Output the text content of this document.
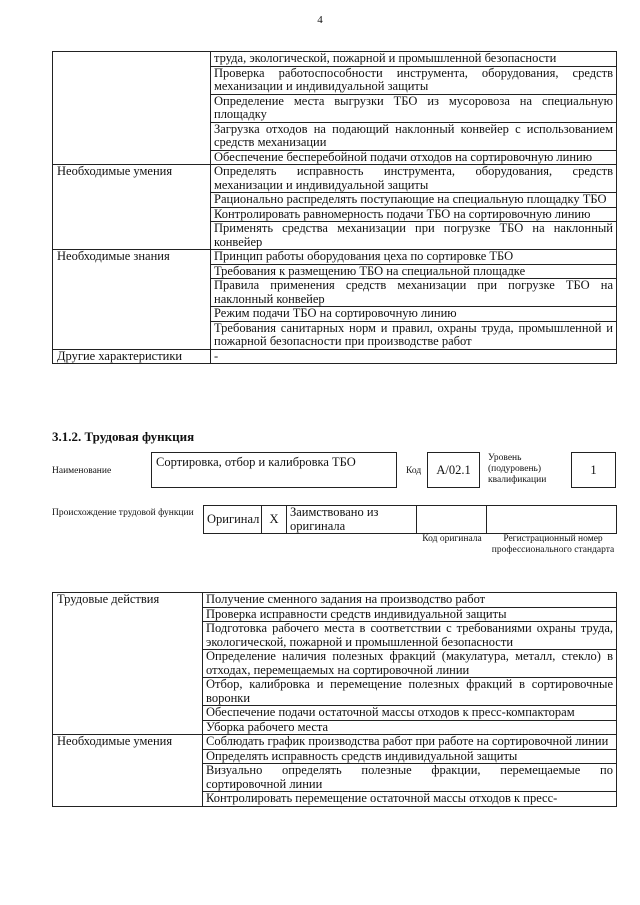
4
	труда, экологической, пожарной и промышленной безопасности
	Проверка работоспособности инструмента, оборудования, средств механизации и индивидуальной защиты
	Определение места выгрузки ТБО из мусоровоза на специальную площадку
	Загрузка отходов на подающий наклонный конвейер с использованием средств механизации
	Обеспечение бесперебойной подачи отходов на сортировочную линию
Необходимые умения	Определять исправность инструмента, оборудования, средств механизации и индивидуальной защиты
	Рационально распределять поступающие на специальную площадку ТБО
	Контролировать равномерность подачи ТБО на сортировочную линию
	Применять средства механизации при погрузке ТБО на наклонный конвейер
Необходимые знания	Принцип работы оборудования цеха по сортировке ТБО
	Требования к размещению ТБО на специальной площадке
	Правила применения средств механизации при погрузке ТБО на наклонный конвейер
	Режим подачи ТБО на сортировочную линию
	Требования санитарных норм и правил, охраны труда, промышленной и пожарной безопасности при производстве работ
Другие характеристики	-
3.1.2. Трудовая функция
Наименование
Сортировка, отбор и калибровка ТБО
Код	A/02.1
Уровень (подуровень) квалификации
1
Происхождение трудовой функции	Оригинал	X	Заимствовано из оригинала		
Код оригинала	Регистрационный номер профессионального стандарта
Трудовые действия	Получение сменного задания на производство работ
	Проверка исправности средств индивидуальной защиты
	Подготовка рабочего места в соответствии с требованиями охраны труда, экологической, пожарной и промышленной безопасности
	Определение наличия полезных фракций (макулатура, металл, стекло) в отходах, перемещаемых на сортировочной линии
	Отбор, калибровка и перемещение полезных фракций в сортировочные воронки
	Обеспечение подачи остаточной массы отходов к пресс-компакторам
	Уборка рабочего места
Необходимые умения	Соблюдать график производства работ при работе на сортировочной линии
	Определять исправность средств индивидуальной защиты
	Визуально определять полезные фракции, перемещаемые по сортировочной линии
	Контролировать перемещение остаточной массы отходов к пресс-
